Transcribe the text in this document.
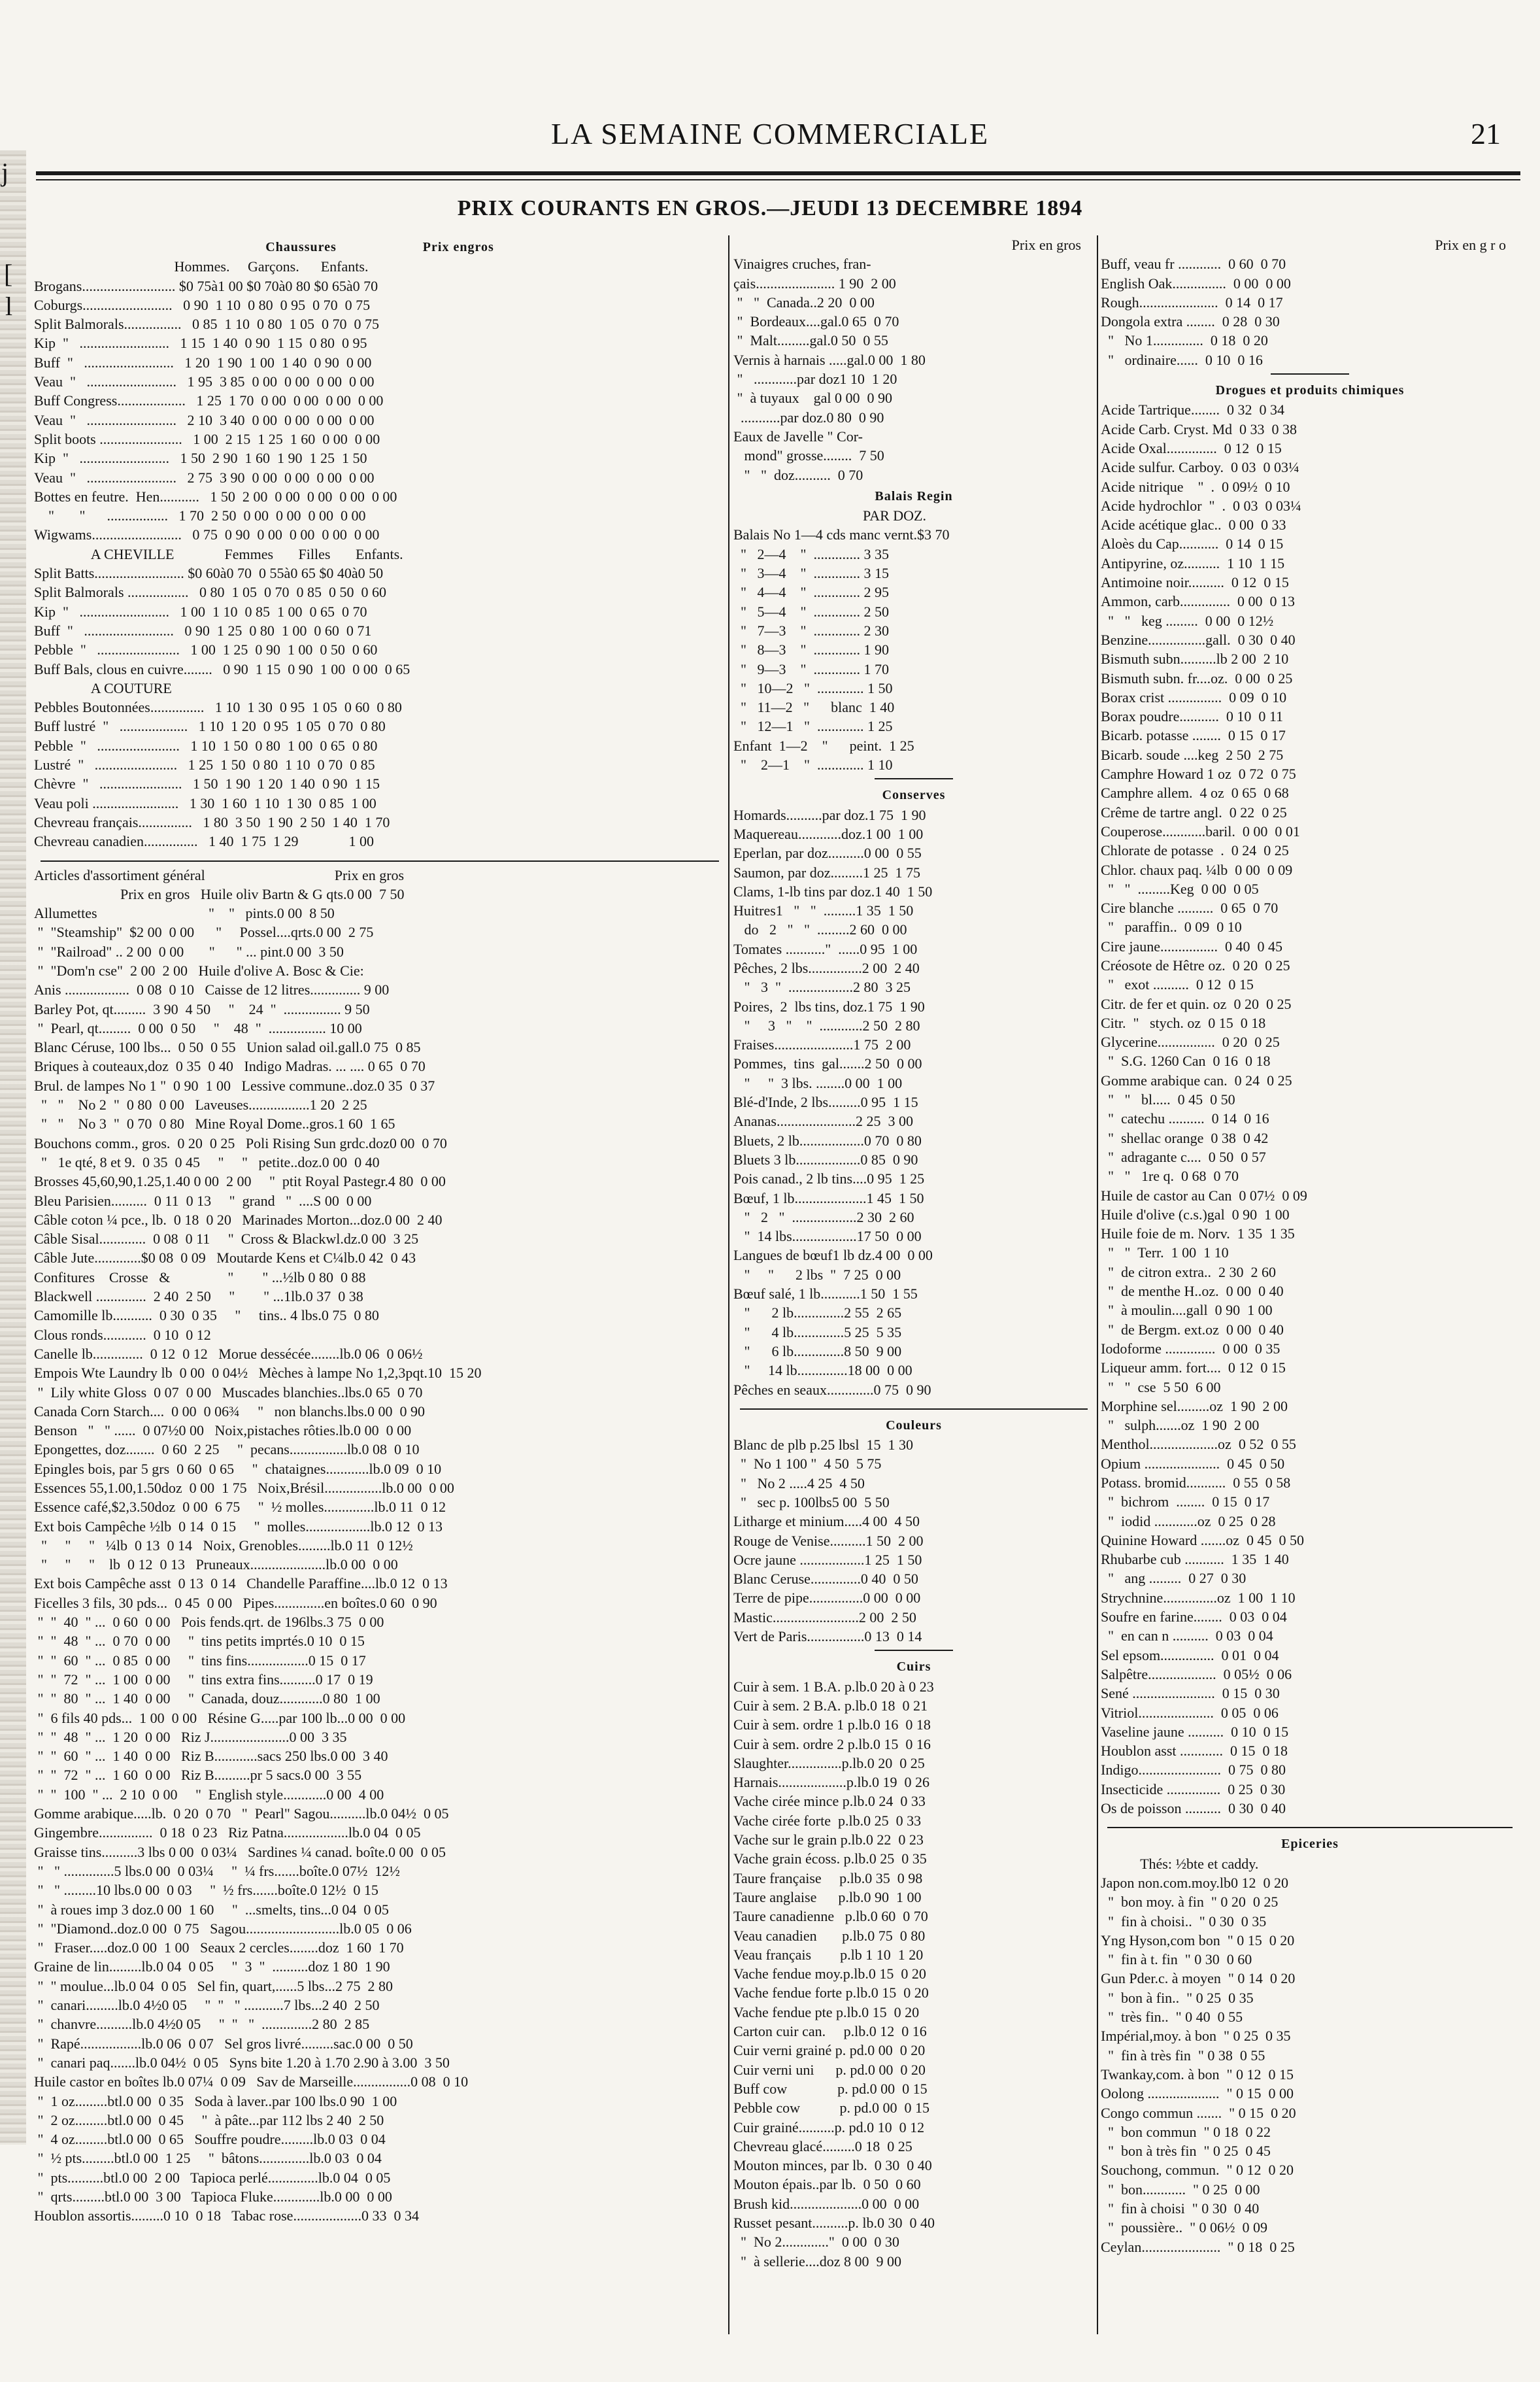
j
[
l
LA SEMAINE COMMERCIALE	21
PRIX COURANTS EN GROS.—JEUDI 13 DECEMBRE 1894
Chaussures                      Prix engros
Hommes.     Garçons.      Enfants.
Brogans.......................... $0 75à1 00 $0 70à0 80 $0 65à0 70
Coburgs.........................   0 90  1 10  0 80  0 95  0 70  0 75
Split Balmorals................   0 85  1 10  0 80  1 05  0 70  0 75
Kip  "   .........................   1 15  1 40  0 90  1 15  0 80  0 95
Buff  "   .........................   1 20  1 90  1 00  1 40  0 90  0 00
Veau  "   .........................   1 95  3 85  0 00  0 00  0 00  0 00
Buff Congress...................   1 25  1 70  0 00  0 00  0 00  0 00
Veau  "   .........................   2 10  3 40  0 00  0 00  0 00  0 00
Split boots .......................   1 00  2 15  1 25  1 60  0 00  0 00
Kip  "   .........................   1 50  2 90  1 60  1 90  1 25  1 50
Veau  "   .........................   2 75  3 90  0 00  0 00  0 00  0 00
Bottes en feutre.  Hen...........   1 50  2 00  0 00  0 00  0 00  0 00
"       "      .................   1 70  2 50  0 00  0 00  0 00  0 00
Wigwams.........................   0 75  0 90  0 00  0 00  0 00  0 00
A CHEVILLE              Femmes       Filles       Enfants.
Split Batts......................... $0 60à0 70  0 55à0 65 $0 40à0 50
Split Balmorals .................   0 80  1 05  0 70  0 85  0 50  0 60
Kip  "   .........................   1 00  1 10  0 85  1 00  0 65  0 70
Buff  "   .........................   0 90  1 25  0 80  1 00  0 60  0 71
Pebble  "   .......................   1 00  1 25  0 90  1 00  0 50  0 60
Buff Bals, clous en cuivre........   0 90  1 15  0 90  1 00  0 00  0 65
A COUTURE
Pebbles Boutonnées...............   1 10  1 30  0 95  1 05  0 60  0 80
Buff lustré  "   ...................   1 10  1 20  0 95  1 05  0 70  0 80
Pebble  "   .......................   1 10  1 50  0 80  1 00  0 65  0 80
Lustré  "   .......................   1 25  1 50  0 80  1 10  0 70  0 85
Chèvre  "   .......................   1 50  1 90  1 20  1 40  0 90  1 15
Veau poli ........................   1 30  1 60  1 10  1 30  0 85  1 00
Chevreau français...............   1 80  3 50  1 90  2 50  1 40  1 70
Chevreau canadien...............   1 40  1 75  1 29              1 00
Articles d'assortiment général                                    Prix en gros
Prix en gros   Huile oliv Bartn & G qts.0 00  7 50
Allumettes                               "    "   pints.0 00  8 50
"  "Steamship"  $2 00  0 00      "     Possel....qrts.0 00  2 75
"  "Railroad" .. 2 00  0 00       "      " ... pint.0 00  3 50
"  "Dom'n cse"  2 00  2 00   Huile d'olive A. Bosc & Cie:
Anis ..................  0 08  0 10   Caisse de 12 litres.............. 9 00
Barley Pot, qt.........  3 90  4 50     "    24  "  ................ 9 50
"  Pearl, qt.........  0 00  0 50     "    48  "  ................ 10 00
Blanc Céruse, 100 lbs...  0 50  0 55   Union salad oil.gall.0 75  0 85
Briques à couteaux,doz  0 35  0 40   Indigo Madras. ... .... 0 65  0 70
Brul. de lampes No 1 "  0 90  1 00   Lessive commune..doz.0 35  0 37
"   "    No 2  "  0 80  0 00   Laveuses.................1 20  2 25
"   "    No 3  "  0 70  0 80   Mine Royal Dome..gros.1 60  1 65
Bouchons comm., gros.  0 20  0 25   Poli Rising Sun grdc.doz0 00  0 70
"   1e qté, 8 et 9.  0 35  0 45     "     "   petite..doz.0 00  0 40
Brosses 45,60,90,1.25,1.40 0 00  2 00     "  ptit Royal Pastegr.4 80  0 00
Bleu Parisien..........  0 11  0 13     "  grand   "  ....S 00  0 00
Câble coton ¼ pce., lb.  0 18  0 20   Marinades Morton...doz.0 00  2 40
Câble Sisal.............  0 08  0 11     "  Cross & Blackwl.dz.0 00  3 25
Câble Jute.............$0 08  0 09   Moutarde Kens et C¼lb.0 42  0 43
Confitures    Crosse   &                "        " ...½lb 0 80  0 88
Blackwell ..............  2 40  2 50     "        " ...1lb.0 37  0 38
Camomille lb...........  0 30  0 35     "     tins.. 4 lbs.0 75  0 80
Clous ronds............  0 10  0 12
Canelle lb..............  0 12  0 12   Morue dessécée........lb.0 06  0 06½
Empois Wte Laundry lb  0 00  0 04½   Mèches à lampe No 1,2,3pqt.10  15 20
"  Lily white Gloss  0 07  0 00   Muscades blanchies..lbs.0 65  0 70
Canada Corn Starch....  0 00  0 06¾     "   non blanchs.lbs.0 00  0 90
Benson   "   " ......  0 07½0 00   Noix,pistaches rôties.lb.0 00  0 00
Epongettes, doz........  0 60  2 25     "  pecans................lb.0 08  0 10
Epingles bois, par 5 grs  0 60  0 65     "  chataignes............lb.0 09  0 10
Essences 55,1.00,1.50doz  0 00  1 75   Noix,Brésil................lb.0 00  0 00
Essence café,$2,3.50doz  0 00  6 75     "  ½ molles..............lb.0 11  0 12
Ext bois Campêche ½lb  0 14  0 15     "  molles..................lb.0 12  0 13
"     "     "   ¼lb  0 13  0 14   Noix, Grenobles.........lb.0 11  0 12½
"     "     "    lb  0 12  0 13   Pruneaux.....................lb.0 00  0 00
Ext bois Campêche asst  0 13  0 14   Chandelle Paraffine....lb.0 12  0 13
Ficelles 3 fils, 30 pds...  0 45  0 00   Pipes..............en boîtes.0 60  0 90
"  "  40  " ...  0 60  0 00   Pois fends.qrt. de 196lbs.3 75  0 00
"  "  48  " ...  0 70  0 00     "  tins petits imprtés.0 10  0 15
"  "  60  " ...  0 85  0 00     "  tins fins.................0 15  0 17
"  "  72  " ...  1 00  0 00     "  tins extra fins..........0 17  0 19
"  "  80  " ...  1 40  0 00     "  Canada, douz............0 80  1 00
"  6 fils 40 pds...  1 00  0 00   Résine G.....par 100 lb...0 00  0 00
"  "  48  " ...  1 20  0 00   Riz J......................0 00  3 35
"  "  60  " ...  1 40  0 00   Riz B............sacs 250 lbs.0 00  3 40
"  "  72  " ...  1 60  0 00   Riz B..........pr 5 sacs.0 00  3 55
"  "  100  " ...  2 10  0 00     "  English style............0 00  4 00
Gomme arabique.....lb.  0 20  0 70   "  Pearl" Sagou..........lb.0 04½  0 05
Gingembre...............  0 18  0 23   Riz Patna..................lb.0 04  0 05
Graisse tins..........3 lbs 0 00  0 03¼   Sardines ¼ canad. boîte.0 00  0 05
"   " ..............5 lbs.0 00  0 03¼     "  ¼ frs.......boîte.0 07½  12½
"   " .........10 lbs.0 00  0 03     "  ½ frs.......boîte.0 12½  0 15
"  à roues imp 3 doz.0 00  1 60     "  ...smelts, tins...0 04  0 05
"  "Diamond..doz.0 00  0 75   Sagou..........................lb.0 05  0 06
"   Fraser.....doz.0 00  1 00   Seaux 2 cercles........doz  1 60  1 70
Graine de lin.........lb.0 04  0 05     "  3  "  ..........doz 1 80  1 90
"  " moulue...lb.0 04  0 05   Sel fin, quart,......5 lbs...2 75  2 80
"  canari.........lb.0 4½0 05     "  "   " ...........7 lbs...2 40  2 50
"  chanvre..........lb.0 4½0 05     "  "   "  ..............2 80  2 85
"  Rapé.................lb.0 06  0 07   Sel gros livré.........sac.0 00  0 50
"  canari paq.......lb.0 04½  0 05   Syns bite 1.20 à 1.70 2.90 à 3.00  3 50
Huile castor en boîtes lb.0 07¼  0 09   Sav de Marseille................0 08  0 10
"  1 oz.........btl.0 00  0 35   Soda à laver..par 100 lbs.0 90  1 00
"  2 oz.........btl.0 00  0 45     "  à pâte...par 112 lbs 2 40  2 50
"  4 oz.........btl.0 00  0 65   Souffre poudre.........lb.0 03  0 04
"  ½ pts.........btl.0 00  1 25     "  bâtons..............lb.0 03  0 04
"  pts..........btl.0 00  2 00   Tapioca perlé..............lb.0 04  0 05
"  qrts.........btl.0 00  3 00   Tapioca Fluke.............lb.0 00  0 00
Houblon assortis.........0 10  0 18   Tabac rose...................0 33  0 34
Prix en gros
Vinaigres cruches, fran-
çais...................... 1 90  2 00
"   "  Canada..2 20  0 00
"  Bordeaux....gal.0 65  0 70
"  Malt.........gal.0 50  0 55
Vernis à harnais .....gal.0 00  1 80
"   ............par doz1 10  1 20
"  à tuyaux    gal 0 00  0 90
...........par doz.0 80  0 90
Eaux de Javelle " Cor-
mond" grosse........  7 50
"   "  doz..........  0 70
Balais Regin
PAR DOZ.
Balais No 1—4 cds manc vernt.$3 70
"   2—4    "  ............. 3 35
"   3—4    "  ............. 3 15
"   4—4    "  ............. 2 95
"   5—4    "  ............. 2 50
"   7—3    "  ............. 2 30
"   8—3    "  ............. 1 90
"   9—3    "  ............. 1 70
"   10—2   "  ............. 1 50
"   11—2   "      blanc  1 40
"   12—1   "  ............. 1 25
Enfant  1—2    "      peint.  1 25
"    2—1    "  ............. 1 10
Conserves
Homards..........par doz.1 75  1 90
Maquereau............doz.1 00  1 00
Eperlan, par doz..........0 00  0 55
Saumon, par doz.........1 25  1 75
Clams, 1-lb tins par doz.1 40  1 50
Huitres1   "   "  .........1 35  1 50
do   2   "   "  .........2 60  0 00
Tomates ..........."  ......0 95  1 00
Pêches, 2 lbs...............2 00  2 40
"   3  "  ..................2 80  3 25
Poires,  2  lbs tins, doz.1 75  1 90
"     3   "    "  ............2 50  2 80
Fraises......................1 75  2 00
Pommes,  tins  gal.......2 50  0 00
"     "  3 lbs. ........0 00  1 00
Blé-d'Inde, 2 lbs.........0 95  1 15
Ananas......................2 25  3 00
Bluets, 2 lb..................0 70  0 80
Bluets 3 lb..................0 85  0 90
Pois canad., 2 lb tins....0 95  1 25
Bœuf, 1 lb....................1 45  1 50
"   2   "  ..................2 30  2 60
"  14 lbs..................17 50  0 00
Langues de bœuf1 lb dz.4 00  0 00
"     "      2 lbs  "  7 25  0 00
Bœuf salé, 1 lb...........1 50  1 55
"      2 lb..............2 55  2 65
"      4 lb..............5 25  5 35
"      6 lb..............8 50  9 00
"     14 lb..............18 00  0 00
Pêches en seaux.............0 75  0 90
Couleurs
Blanc de plb p.25 lbsl  15  1 30
"  No 1 100 "  4 50  5 75
"   No 2 .....4 25  4 50
"   sec p. 100lbs5 00  5 50
Litharge et minium.....4 00  4 50
Rouge de Venise..........1 50  2 00
Ocre jaune ..................1 25  1 50
Blanc Ceruse..............0 40  0 50
Terre de pipe...............0 00  0 00
Mastic........................2 00  2 50
Vert de Paris................0 13  0 14
Cuirs
Cuir à sem. 1 B.A. p.lb.0 20 à 0 23
Cuir à sem. 2 B.A. p.lb.0 18  0 21
Cuir à sem. ordre 1 p.lb.0 16  0 18
Cuir à sem. ordre 2 p.lb.0 15  0 16
Slaughter...............p.lb.0 20  0 25
Harnais...................p.lb.0 19  0 26
Vache cirée mince p.lb.0 24  0 33
Vache cirée forte  p.lb.0 25  0 33
Vache sur le grain p.lb.0 22  0 23
Vache grain écoss. p.lb.0 25  0 35
Taure française     p.lb.0 35  0 98
Taure anglaise      p.lb.0 90  1 00
Taure canadienne   p.lb.0 60  0 70
Veau canadien       p.lb.0 75  0 80
Veau français        p.lb 1 10  1 20
Vache fendue moy.p.lb.0 15  0 20
Vache fendue forte p.lb.0 15  0 20
Vache fendue pte p.lb.0 15  0 20
Carton cuir can.     p.lb.0 12  0 16
Cuir verni grainé p. pd.0 00  0 20
Cuir verni uni      p. pd.0 00  0 20
Buff cow              p. pd.0 00  0 15
Pebble cow           p. pd.0 00  0 15
Cuir grainé..........p. pd.0 10  0 12
Chevreau glacé.........0 18  0 25
Mouton minces, par lb.  0 30  0 40
Mouton épais..par lb.  0 50  0 60
Brush kid....................0 00  0 00
Russet pesant..........p. lb.0 30  0 40
"  No 2............."  0 00  0 30
"  à sellerie....doz 8 00  9 00
Prix en g r o
Buff, veau fr ............  0 60  0 70
English Oak...............  0 00  0 00
Rough......................  0 14  0 17
Dongola extra ........  0 28  0 30
"   No 1..............  0 18  0 20
"   ordinaire......  0 10  0 16
Drogues et produits chimiques
Acide Tartrique........  0 32  0 34
Acide Carb. Cryst. Md  0 33  0 38
Acide Oxal..............  0 12  0 15
Acide sulfur. Carboy.  0 03  0 03¼
Acide nitrique    "  .  0 09½  0 10
Acide hydrochlor  "  .  0 03  0 03¼
Acide acétique glac..  0 00  0 33
Aloès du Cap...........  0 14  0 15
Antipyrine, oz..........  1 10  1 15
Antimoine noir..........  0 12  0 15
Ammon, carb..............  0 00  0 13
"   "   keg .........  0 00  0 12½
Benzine................gall.  0 30  0 40
Bismuth subn..........lb 2 00  2 10
Bismuth subn. fr....oz.  0 00  0 25
Borax crist ...............  0 09  0 10
Borax poudre...........  0 10  0 11
Bicarb. potasse ........  0 15  0 17
Bicarb. soude ....keg  2 50  2 75
Camphre Howard 1 oz  0 72  0 75
Camphre allem.  4 oz  0 65  0 68
Crême de tartre angl.  0 22  0 25
Couperose............baril.  0 00  0 01
Chlorate de potasse  .  0 24  0 25
Chlor. chaux paq. ¼lb  0 00  0 09
"   "  .........Keg  0 00  0 05
Cire blanche ..........  0 65  0 70
"   paraffin..  0 09  0 10
Cire jaune................  0 40  0 45
Créosote de Hêtre oz.  0 20  0 25
"   exot ..........  0 12  0 15
Citr. de fer et quin. oz  0 20  0 25
Citr.  "   stych. oz  0 15  0 18
Glycerine................  0 20  0 25
"  S.G. 1260 Can  0 16  0 18
Gomme arabique can.  0 24  0 25
"   "   bl.....  0 45  0 50
"  catechu ..........  0 14  0 16
"  shellac orange  0 38  0 42
"  adragante c....  0 50  0 57
"   "   1re q.  0 68  0 70
Huile de castor au Can  0 07½  0 09
Huile d'olive (c.s.)gal  0 90  1 00
Huile foie de m. Norv.  1 35  1 35
"   "  Terr.  1 00  1 10
"  de citron extra..  2 30  2 60
"  de menthe H..oz.  0 00  0 40
"  à moulin....gall  0 90  1 00
"  de Bergm. ext.oz  0 00  0 40
Iodoforme ..............  0 00  0 35
Liqueur amm. fort....  0 12  0 15
"   "  cse  5 50  6 00
Morphine sel.........oz  1 90  2 00
"   sulph.......oz  1 90  2 00
Menthol...................oz  0 52  0 55
Opium .....................  0 45  0 50
Potass. bromid...........  0 55  0 58
"  bichrom  ........  0 15  0 17
"  iodid ............oz  0 25  0 28
Quinine Howard .......oz  0 45  0 50
Rhubarbe cub ...........  1 35  1 40
"   ang .........  0 27  0 30
Strychnine...............oz  1 00  1 10
Soufre en farine........  0 03  0 04
"  en can n ..........  0 03  0 04
Sel epsom...............  0 01  0 04
Salpêtre...................  0 05½  0 06
Sené .......................  0 15  0 30
Vitriol.....................  0 05  0 06
Vaseline jaune ..........  0 10  0 15
Houblon asst ............  0 15  0 18
Indigo.......................  0 75  0 80
Insecticide ...............  0 25  0 30
Os de poisson ..........  0 30  0 40
Epiceries
Thés: ½bte et caddy.
Japon non.com.moy.lb0 12  0 20
"  bon moy. à fin  " 0 20  0 25
"  fin à choisi..  " 0 30  0 35
Yng Hyson,com bon  " 0 15  0 20
"  fin à t. fin  " 0 30  0 60
Gun Pder.c. à moyen  " 0 14  0 20
"  bon à fin..  " 0 25  0 35
"  très fin..  " 0 40  0 55
Impérial,moy. à bon  " 0 25  0 35
"  fin à très fin  " 0 38  0 55
Twankay,com. à bon  " 0 12  0 15
Oolong ....................  " 0 15  0 00
Congo commun .......  " 0 15  0 20
"  bon commun  " 0 18  0 22
"  bon à très fin  " 0 25  0 45
Souchong, commun.  " 0 12  0 20
"  bon............  " 0 25  0 00
"  fin à choisi  " 0 30  0 40
"  poussière..  " 0 06½  0 09
Ceylan......................  " 0 18  0 25
